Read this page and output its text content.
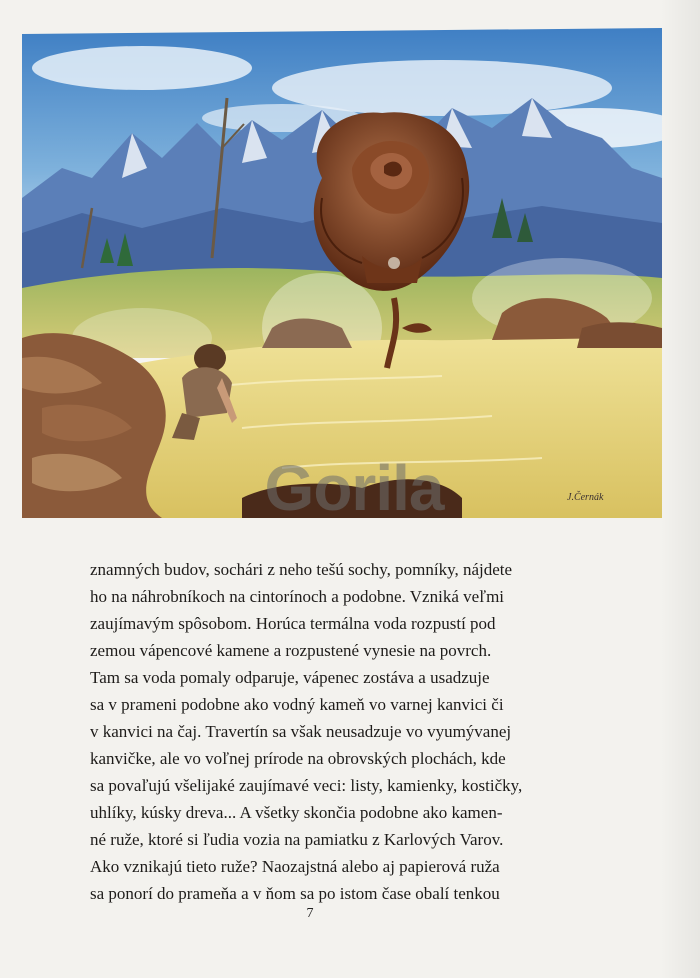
J.Černák
Gorila
znamných budov, sochári z neho tešú sochy, pomníky, nájdete
ho na náhrobníkoch na cintorínoch a podobne. Vzniká veľmi
zaujímavým spôsobom. Horúca termálna voda rozpustí pod
zemou vápencové kamene a rozpustené vynesie na povrch.
Tam sa voda pomaly odparuje, vápenec zostáva a usadzuje
sa v prameni podobne ako vodný kameň vo varnej kanvici či
v kanvici na čaj. Travertín sa však neusadzuje vo vyumývanej
kanvičke, ale vo voľnej prírode na obrovských plochách, kde
sa povaľujú všelijaké zaujímavé veci: listy, kamienky, kostičky,
uhlíky, kúsky dreva... A všetky skončia podobne ako kamen-
né ruže, ktoré si ľudia vozia na pamiatku z Karlových Varov.
Ako vznikajú tieto ruže? Naozajstná alebo aj papierová ruža
sa ponorí do prameňa a v ňom sa po istom čase obalí tenkou
7
